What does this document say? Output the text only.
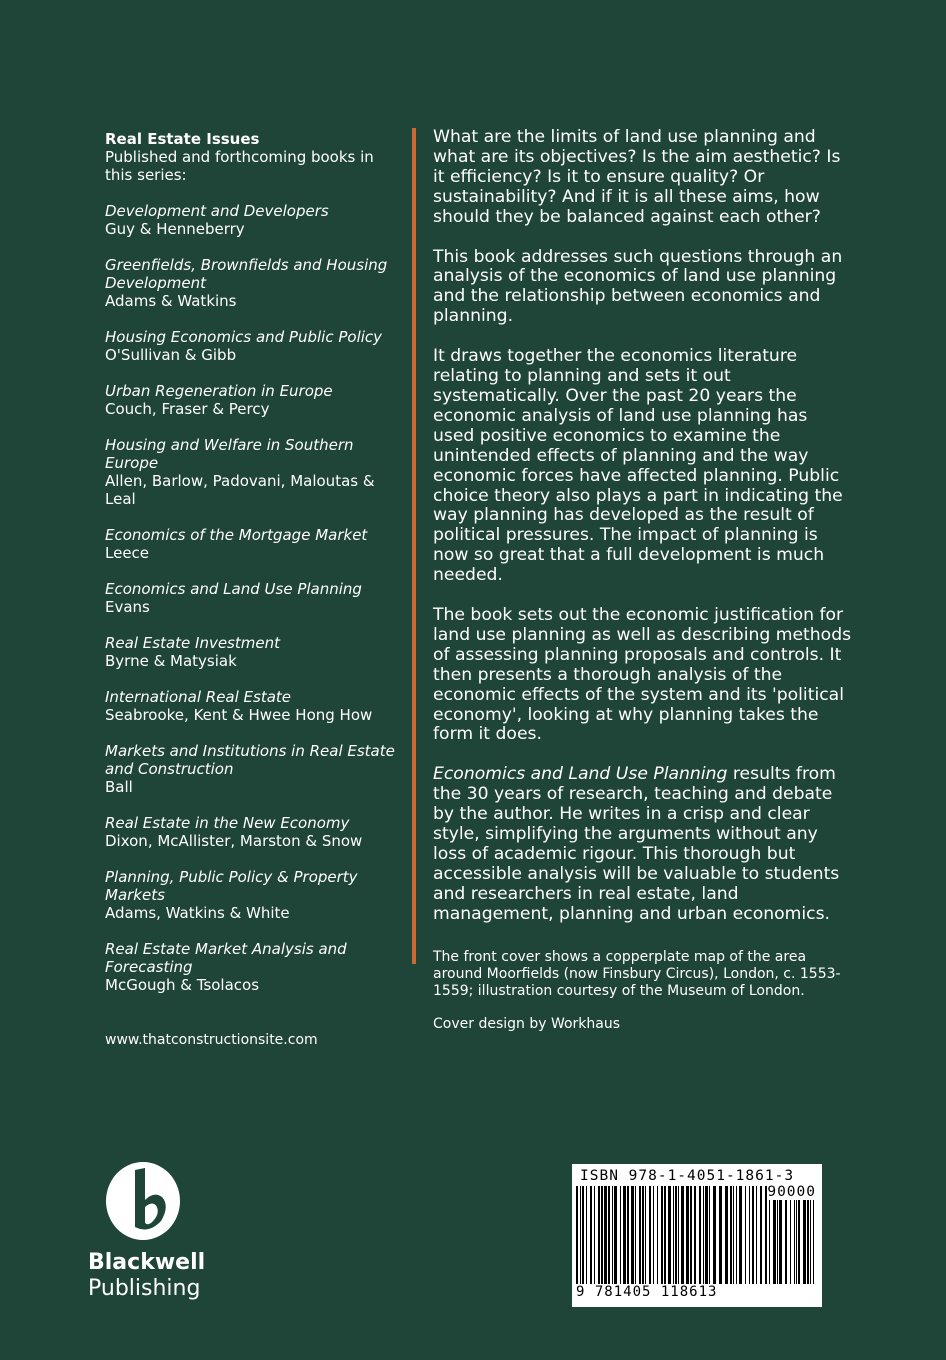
Real Estate Issues

Published and forthcoming books in this series:

Development and Developers
Guy & Henneberry
Greenfields, Brownfields and Housing Development
Adams & Watkins
Housing Economics and Public Policy
O'Sullivan & Gibb
Urban Regeneration in Europe
Couch, Fraser & Percy
Housing and Welfare in Southern Europe
Allen, Barlow, Padovani, Maloutas & Leal
Economics of the Mortgage Market
Leece
Economics and Land Use Planning
Evans
Real Estate Investment
Byrne & Matysiak
International Real Estate
Seabrooke, Kent & Hwee Hong How
Markets and Institutions in Real Estate and Construction
Ball
Real Estate in the New Economy
Dixon, McAllister, Marston & Snow
Planning, Public Policy & Property Markets
Adams, Watkins & White
Real Estate Market Analysis and Forecasting
McGough & Tsolacos

What are the limits of land use planning and what are its objectives? Is the aim aesthetic? Is it efficiency? Is it to ensure quality? Or sustainability? And if it is all these aims, how should they be balanced against each other?

This book addresses such questions through an analysis of the economics of land use planning and the relationship between economics and planning.

It draws together the economics literature relating to planning and sets it out systematically. Over the past 20 years the economic analysis of land use planning has used positive economics to examine the unintended effects of planning and the way economic forces have affected planning. Public choice theory also plays a part in indicating the way planning has developed as the result of political pressures. The impact of planning is now so great that a full development is much needed.

The book sets out the economic justification for land use planning as well as describing methods of assessing planning proposals and controls. It then presents a thorough analysis of the economic effects of the system and its 'political economy', looking at why planning takes the form it does.

Economics and Land Use Planning results from the 30 years of research, teaching and debate by the author. He writes in a crisp and clear style, simplifying the arguments without any loss of academic rigour. This thorough but accessible analysis will be valuable to students and researchers in real estate, land management, planning and urban economics.

The front cover shows a copperplate map of the area around Moorfields (now Finsbury Circus), London, c. 1553-1559; illustration courtesy of the Museum of London.

Cover design by Workhaus

www.thatconstructionsite.com
Blackwell
Publishing
ISBN 978-1-4051-1861-3
90000
9 781405 118613
